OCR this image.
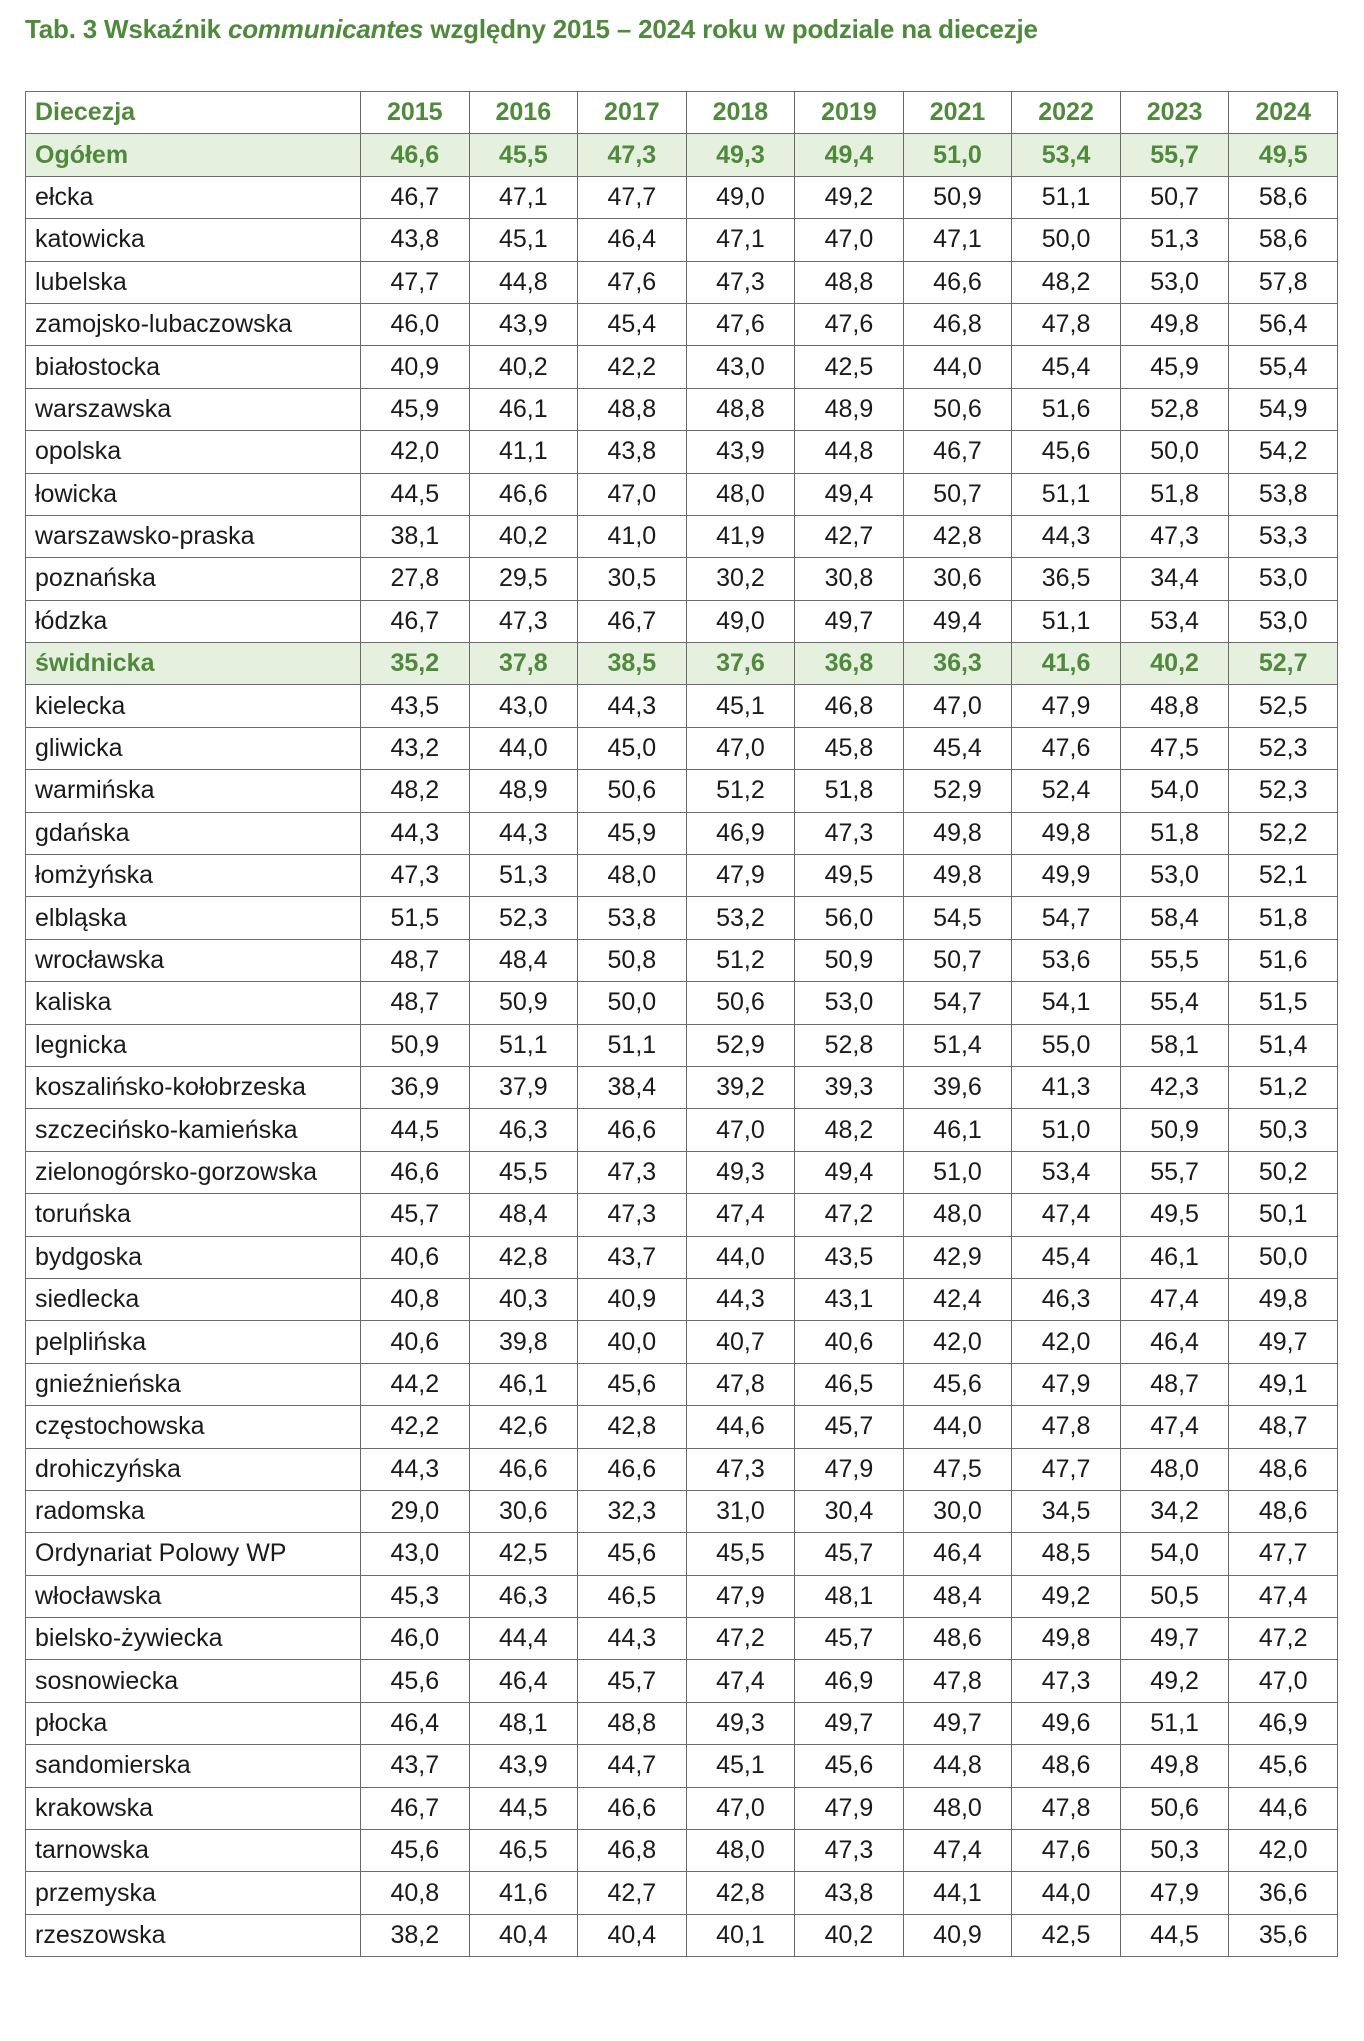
Tab. 3 Wskaźnik communicantes względny 2015 – 2024 roku w podziale na diecezje
Diecezja	2015	2016	2017	2018	2019	2021	2022	2023	2024
Ogółem	46,6	45,5	47,3	49,3	49,4	51,0	53,4	55,7	49,5
ełcka	46,7	47,1	47,7	49,0	49,2	50,9	51,1	50,7	58,6
katowicka	43,8	45,1	46,4	47,1	47,0	47,1	50,0	51,3	58,6
lubelska	47,7	44,8	47,6	47,3	48,8	46,6	48,2	53,0	57,8
zamojsko-lubaczowska	46,0	43,9	45,4	47,6	47,6	46,8	47,8	49,8	56,4
białostocka	40,9	40,2	42,2	43,0	42,5	44,0	45,4	45,9	55,4
warszawska	45,9	46,1	48,8	48,8	48,9	50,6	51,6	52,8	54,9
opolska	42,0	41,1	43,8	43,9	44,8	46,7	45,6	50,0	54,2
łowicka	44,5	46,6	47,0	48,0	49,4	50,7	51,1	51,8	53,8
warszawsko-praska	38,1	40,2	41,0	41,9	42,7	42,8	44,3	47,3	53,3
poznańska	27,8	29,5	30,5	30,2	30,8	30,6	36,5	34,4	53,0
łódzka	46,7	47,3	46,7	49,0	49,7	49,4	51,1	53,4	53,0
świdnicka	35,2	37,8	38,5	37,6	36,8	36,3	41,6	40,2	52,7
kielecka	43,5	43,0	44,3	45,1	46,8	47,0	47,9	48,8	52,5
gliwicka	43,2	44,0	45,0	47,0	45,8	45,4	47,6	47,5	52,3
warmińska	48,2	48,9	50,6	51,2	51,8	52,9	52,4	54,0	52,3
gdańska	44,3	44,3	45,9	46,9	47,3	49,8	49,8	51,8	52,2
łomżyńska	47,3	51,3	48,0	47,9	49,5	49,8	49,9	53,0	52,1
elbląska	51,5	52,3	53,8	53,2	56,0	54,5	54,7	58,4	51,8
wrocławska	48,7	48,4	50,8	51,2	50,9	50,7	53,6	55,5	51,6
kaliska	48,7	50,9	50,0	50,6	53,0	54,7	54,1	55,4	51,5
legnicka	50,9	51,1	51,1	52,9	52,8	51,4	55,0	58,1	51,4
koszalińsko-kołobrzeska	36,9	37,9	38,4	39,2	39,3	39,6	41,3	42,3	51,2
szczecińsko-kamieńska	44,5	46,3	46,6	47,0	48,2	46,1	51,0	50,9	50,3
zielonogórsko-gorzowska	46,6	45,5	47,3	49,3	49,4	51,0	53,4	55,7	50,2
toruńska	45,7	48,4	47,3	47,4	47,2	48,0	47,4	49,5	50,1
bydgoska	40,6	42,8	43,7	44,0	43,5	42,9	45,4	46,1	50,0
siedlecka	40,8	40,3	40,9	44,3	43,1	42,4	46,3	47,4	49,8
pelplińska	40,6	39,8	40,0	40,7	40,6	42,0	42,0	46,4	49,7
gnieźnieńska	44,2	46,1	45,6	47,8	46,5	45,6	47,9	48,7	49,1
częstochowska	42,2	42,6	42,8	44,6	45,7	44,0	47,8	47,4	48,7
drohiczyńska	44,3	46,6	46,6	47,3	47,9	47,5	47,7	48,0	48,6
radomska	29,0	30,6	32,3	31,0	30,4	30,0	34,5	34,2	48,6
Ordynariat Polowy WP	43,0	42,5	45,6	45,5	45,7	46,4	48,5	54,0	47,7
włocławska	45,3	46,3	46,5	47,9	48,1	48,4	49,2	50,5	47,4
bielsko-żywiecka	46,0	44,4	44,3	47,2	45,7	48,6	49,8	49,7	47,2
sosnowiecka	45,6	46,4	45,7	47,4	46,9	47,8	47,3	49,2	47,0
płocka	46,4	48,1	48,8	49,3	49,7	49,7	49,6	51,1	46,9
sandomierska	43,7	43,9	44,7	45,1	45,6	44,8	48,6	49,8	45,6
krakowska	46,7	44,5	46,6	47,0	47,9	48,0	47,8	50,6	44,6
tarnowska	45,6	46,5	46,8	48,0	47,3	47,4	47,6	50,3	42,0
przemyska	40,8	41,6	42,7	42,8	43,8	44,1	44,0	47,9	36,6
rzeszowska	38,2	40,4	40,4	40,1	40,2	40,9	42,5	44,5	35,6
